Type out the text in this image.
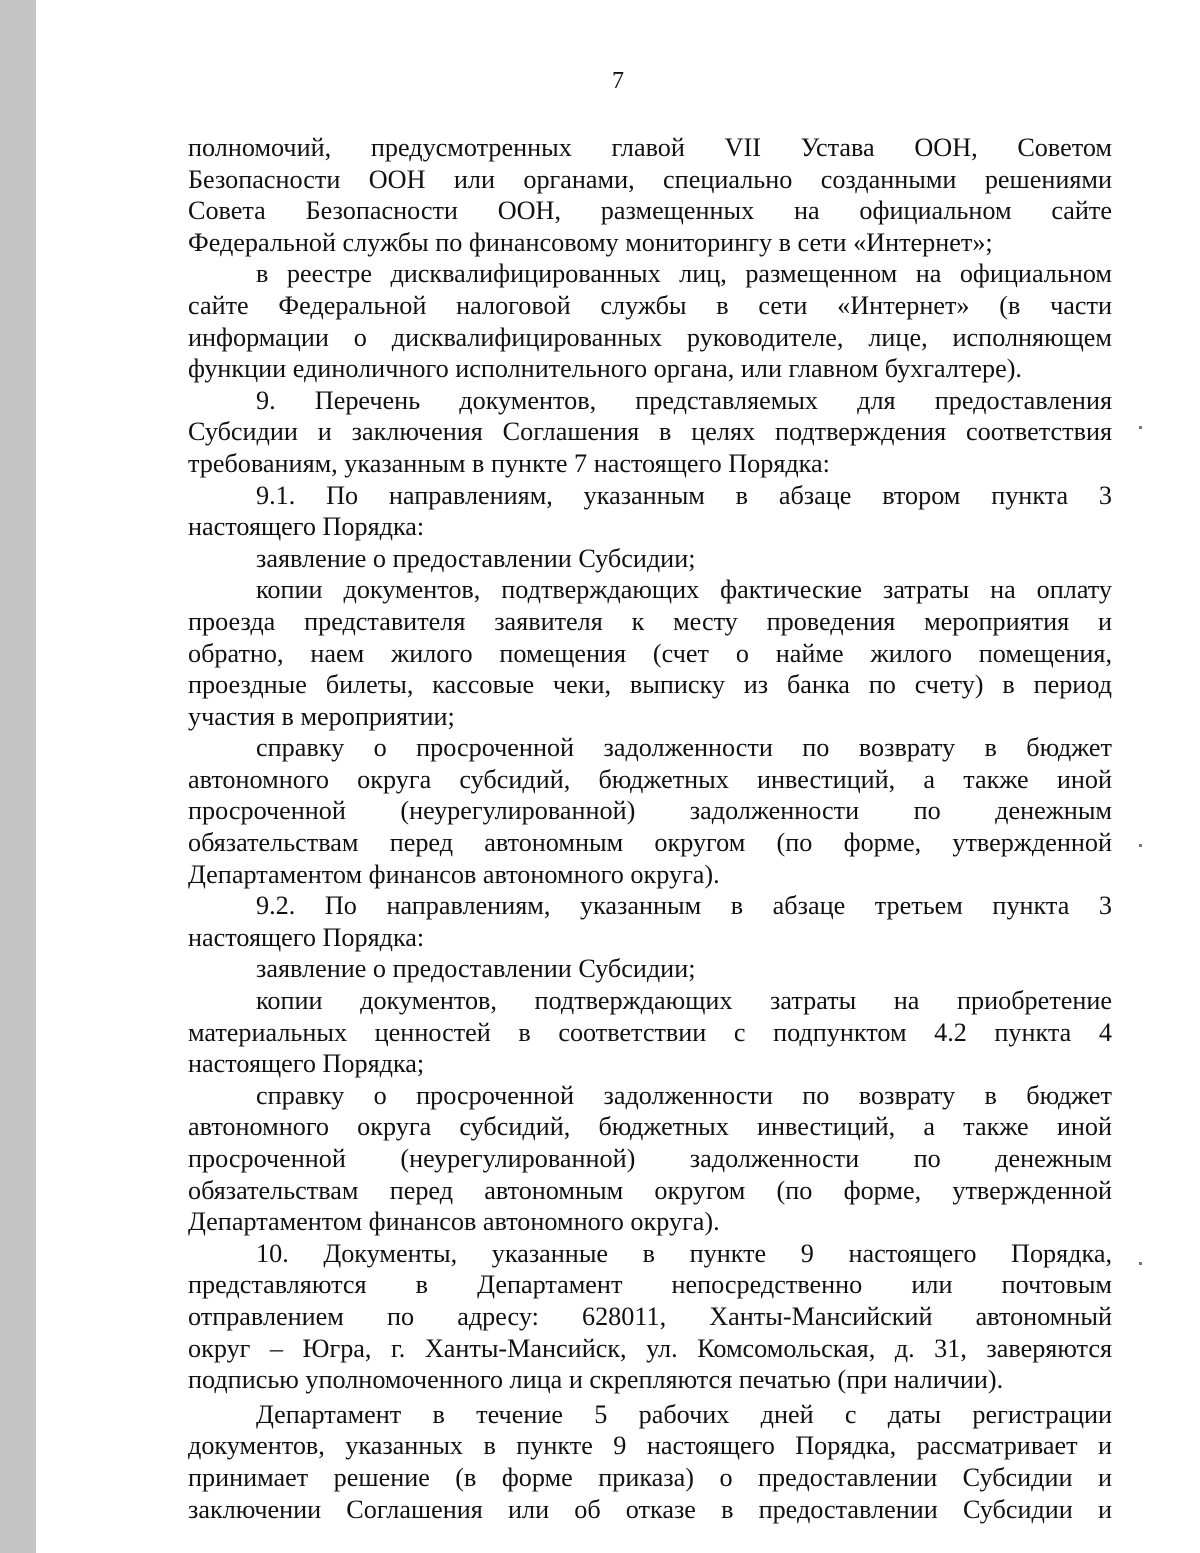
7

полномочий, предусмотренных главой VII Устава ООН, Советом

Безопасности ООН или органами, специально созданными решениями

Совета Безопасности ООН, размещенных на официальном сайте

Федеральной службы по финансовому мониторингу в сети «Интернет»;

в реестре дисквалифицированных лиц, размещенном на официальном

сайте Федеральной налоговой службы в сети «Интернет» (в части

информации о дисквалифицированных руководителе, лице, исполняющем

функции единоличного исполнительного органа, или главном бухгалтере).

9. Перечень документов, представляемых для предоставления

Субсидии и заключения Соглашения в целях подтверждения соответствия

требованиям, указанным в пункте 7 настоящего Порядка:

9.1. По направлениям, указанным в абзаце втором пункта 3

настоящего Порядка:

заявление о предоставлении Субсидии;

копии документов, подтверждающих фактические затраты на оплату

проезда представителя заявителя к месту проведения мероприятия и

обратно, наем жилого помещения (счет о найме жилого помещения,

проездные билеты, кассовые чеки, выписку из банка по счету) в период

участия в мероприятии;

справку о просроченной задолженности по возврату в бюджет

автономного округа субсидий, бюджетных инвестиций, а также иной

просроченной (неурегулированной) задолженности по денежным

обязательствам перед автономным округом (по форме, утвержденной

Департаментом финансов автономного округа).

9.2. По направлениям, указанным в абзаце третьем пункта 3

настоящего Порядка:

заявление о предоставлении Субсидии;

копии документов, подтверждающих затраты на приобретение

материальных ценностей в соответствии с подпунктом 4.2 пункта 4

настоящего Порядка;

справку о просроченной задолженности по возврату в бюджет

автономного округа субсидий, бюджетных инвестиций, а также иной

просроченной (неурегулированной) задолженности по денежным

обязательствам перед автономным округом (по форме, утвержденной

Департаментом финансов автономного округа).

10. Документы, указанные в пункте 9 настоящего Порядка,

представляются в Департамент непосредственно или почтовым

отправлением по адресу: 628011, Ханты-Мансийский автономный

округ – Югра, г. Ханты-Мансийск, ул. Комсомольская, д. 31, заверяются

подписью уполномоченного лица и скрепляются печатью (при наличии).

Департамент в течение 5 рабочих дней с даты регистрации

документов, указанных в пункте 9 настоящего Порядка, рассматривает и

принимает решение (в форме приказа) о предоставлении Субсидии и

заключении Соглашения или об отказе в предоставлении Субсидии и
